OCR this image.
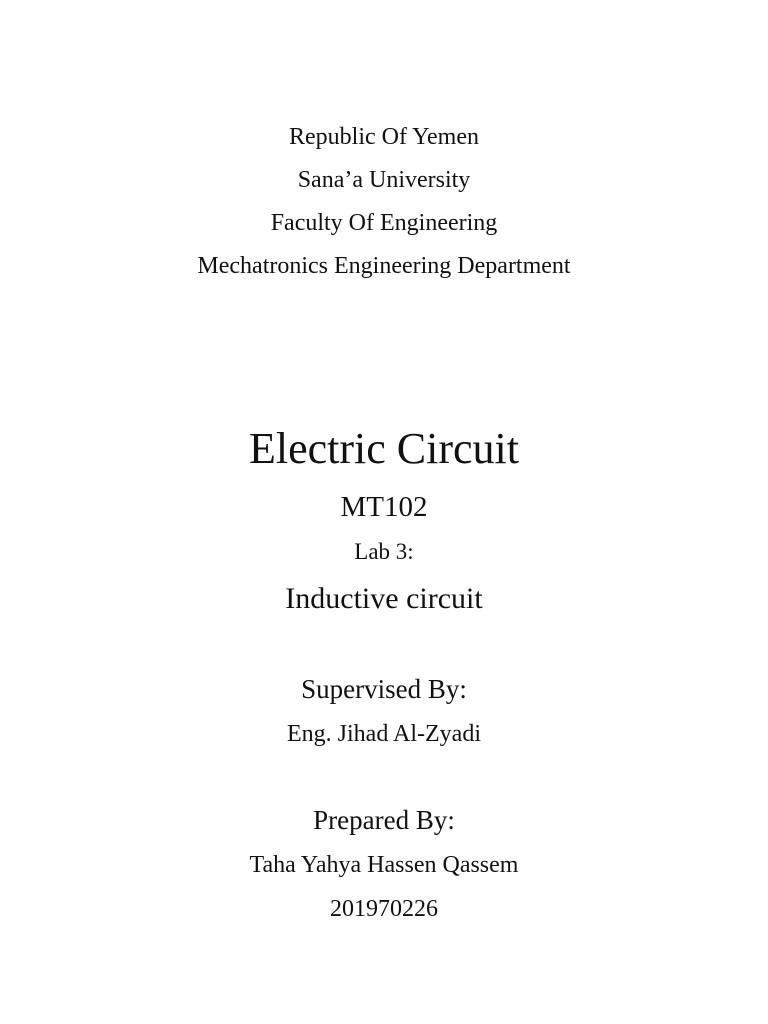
Republic Of Yemen
Sana’a University
Faculty Of Engineering
Mechatronics Engineering Department
Electric Circuit
MT102
Lab 3:
Inductive circuit
Supervised By:
Eng. Jihad Al-Zyadi
Prepared By:
Taha Yahya Hassen Qassem
201970226
